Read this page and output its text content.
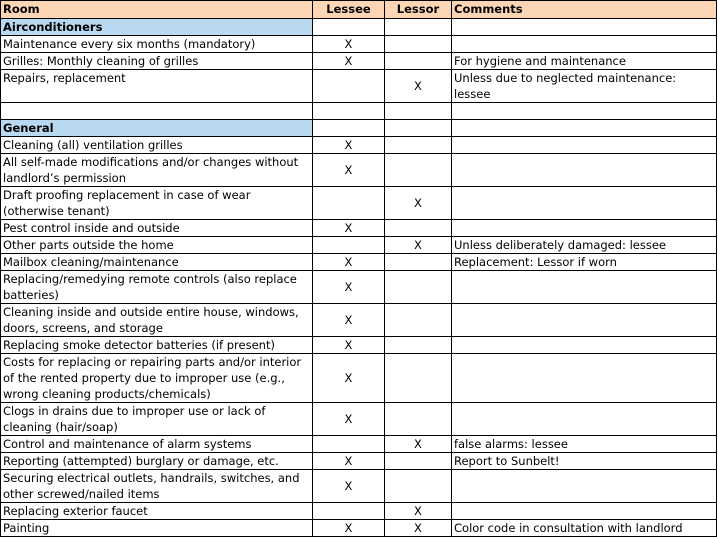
Room	Lessee	Lessor	Comments
Airconditioners			
Maintenance every six months (mandatory)	X		
Grilles: Monthly cleaning of grilles	X		For hygiene and maintenance
Repairs, replacement		X	Unless due to neglected maintenance: lessee

General			
Cleaning (all) ventilation grilles	X		
All self-made modifications and/or changes without landlord’s permission	X		
Draft proofing replacement in case of wear (otherwise tenant)		X	
Pest control inside and outside	X		
Other parts outside the home		X	Unless deliberately damaged: lessee
Mailbox cleaning/maintenance	X		Replacement: Lessor if worn
Replacing/remedying remote controls (also replace batteries)	X		
Cleaning inside and outside entire house, windows, doors, screens, and storage	X		
Replacing smoke detector batteries (if present)	X		
Costs for replacing or repairing parts and/or interior of the rented property due to improper use (e.g., wrong cleaning products/chemicals)	X		
Clogs in drains due to improper use or lack of cleaning (hair/soap)	X		
Control and maintenance of alarm systems		X	false alarms: lessee
Reporting (attempted) burglary or damage, etc.	X		Report to Sunbelt!
Securing electrical outlets, handrails, switches, and other screwed/nailed items	X		
Replacing exterior faucet		X	
Painting	X	X	Color code in consultation with landlord
